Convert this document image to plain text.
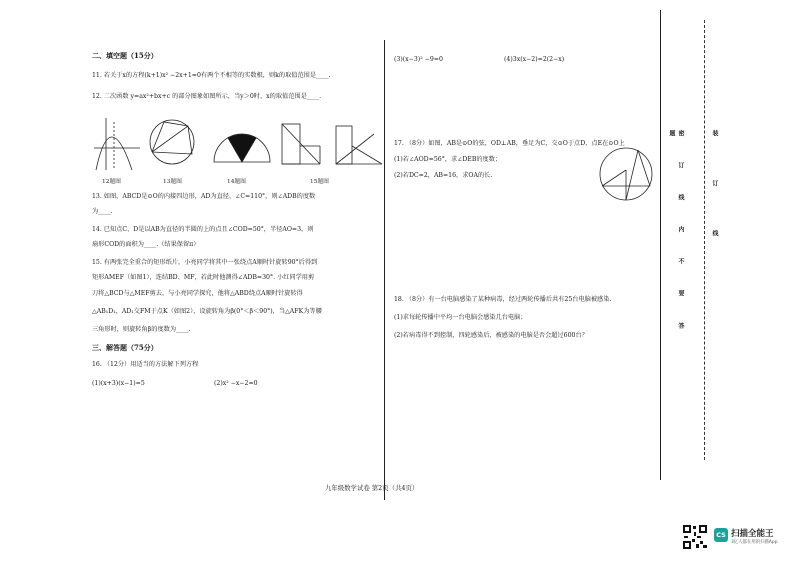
二、填空题（15分）
11. 若关于x的方程(k+1)x² −2x+1=0有两个不相等的实数根，则k的取值范围是____.
12. 二次函数 y=ax²+bx+c 的部分图象如图所示，当y＞0时，x的取值范围是____.
12题图	13题图	14题图	15题图
13. 如图，ABCD是⊙O的内接四边形，AD为直径，∠C=110°，则∠ADB的度数
为____.
14. 已知点C、D是以AB为直径的半圆的上的点且∠COD=50°，半径AO=3，则
扇形COD的面积为____.（结果保留π）
15. 有两张完全重合的矩形纸片，小亮同学将其中一张绕点A顺时针旋转90°后得到
矩形AMEF（如图1），连结BD、MF，若此时他测得∠ADB=30°. 小红同学用剪
刀将△BCD与△MEF剪去，与小亮同学探究，他将△ABD绕点A顺时针旋转得
△AB₁D₁，AD₁交FM于点K（如图2），设旋转角为β(0°＜β＜90°)，当△AFK为等腰
三角形时，则旋转角β的度数为____.
三、解答题（75分）
16. （12分）用适当的方法解下列方程
(1)(x+3)(x−1)=5	(2)x² −x−2=0
(3)(x−3)² −9=0	(4)3x(x−2)=2(2−x)
17. （8分）如图，AB是⊙O的弦，OD⊥AB，垂足为C，交⊙O于点D，点E在⊙O上
(1)若∠AOD=56°，求∠DEB的度数；
(2)若DC=2，AB=16，求OA的长.
18. （8分）有一台电脑感染了某种病毒，经过两轮传播后共有25台电脑被感染.
(1)求每轮传播中平均一台电脑会感染几台电脑；
(2)若病毒得不到控制，四轮感染后，被感染的电脑是否会超过600台？
九年级数学试卷 第2页（共4页）
密 订 线 内 不 要 答 题	装 订 线
CS 扫描全能王
3亿人都在用的扫描App
